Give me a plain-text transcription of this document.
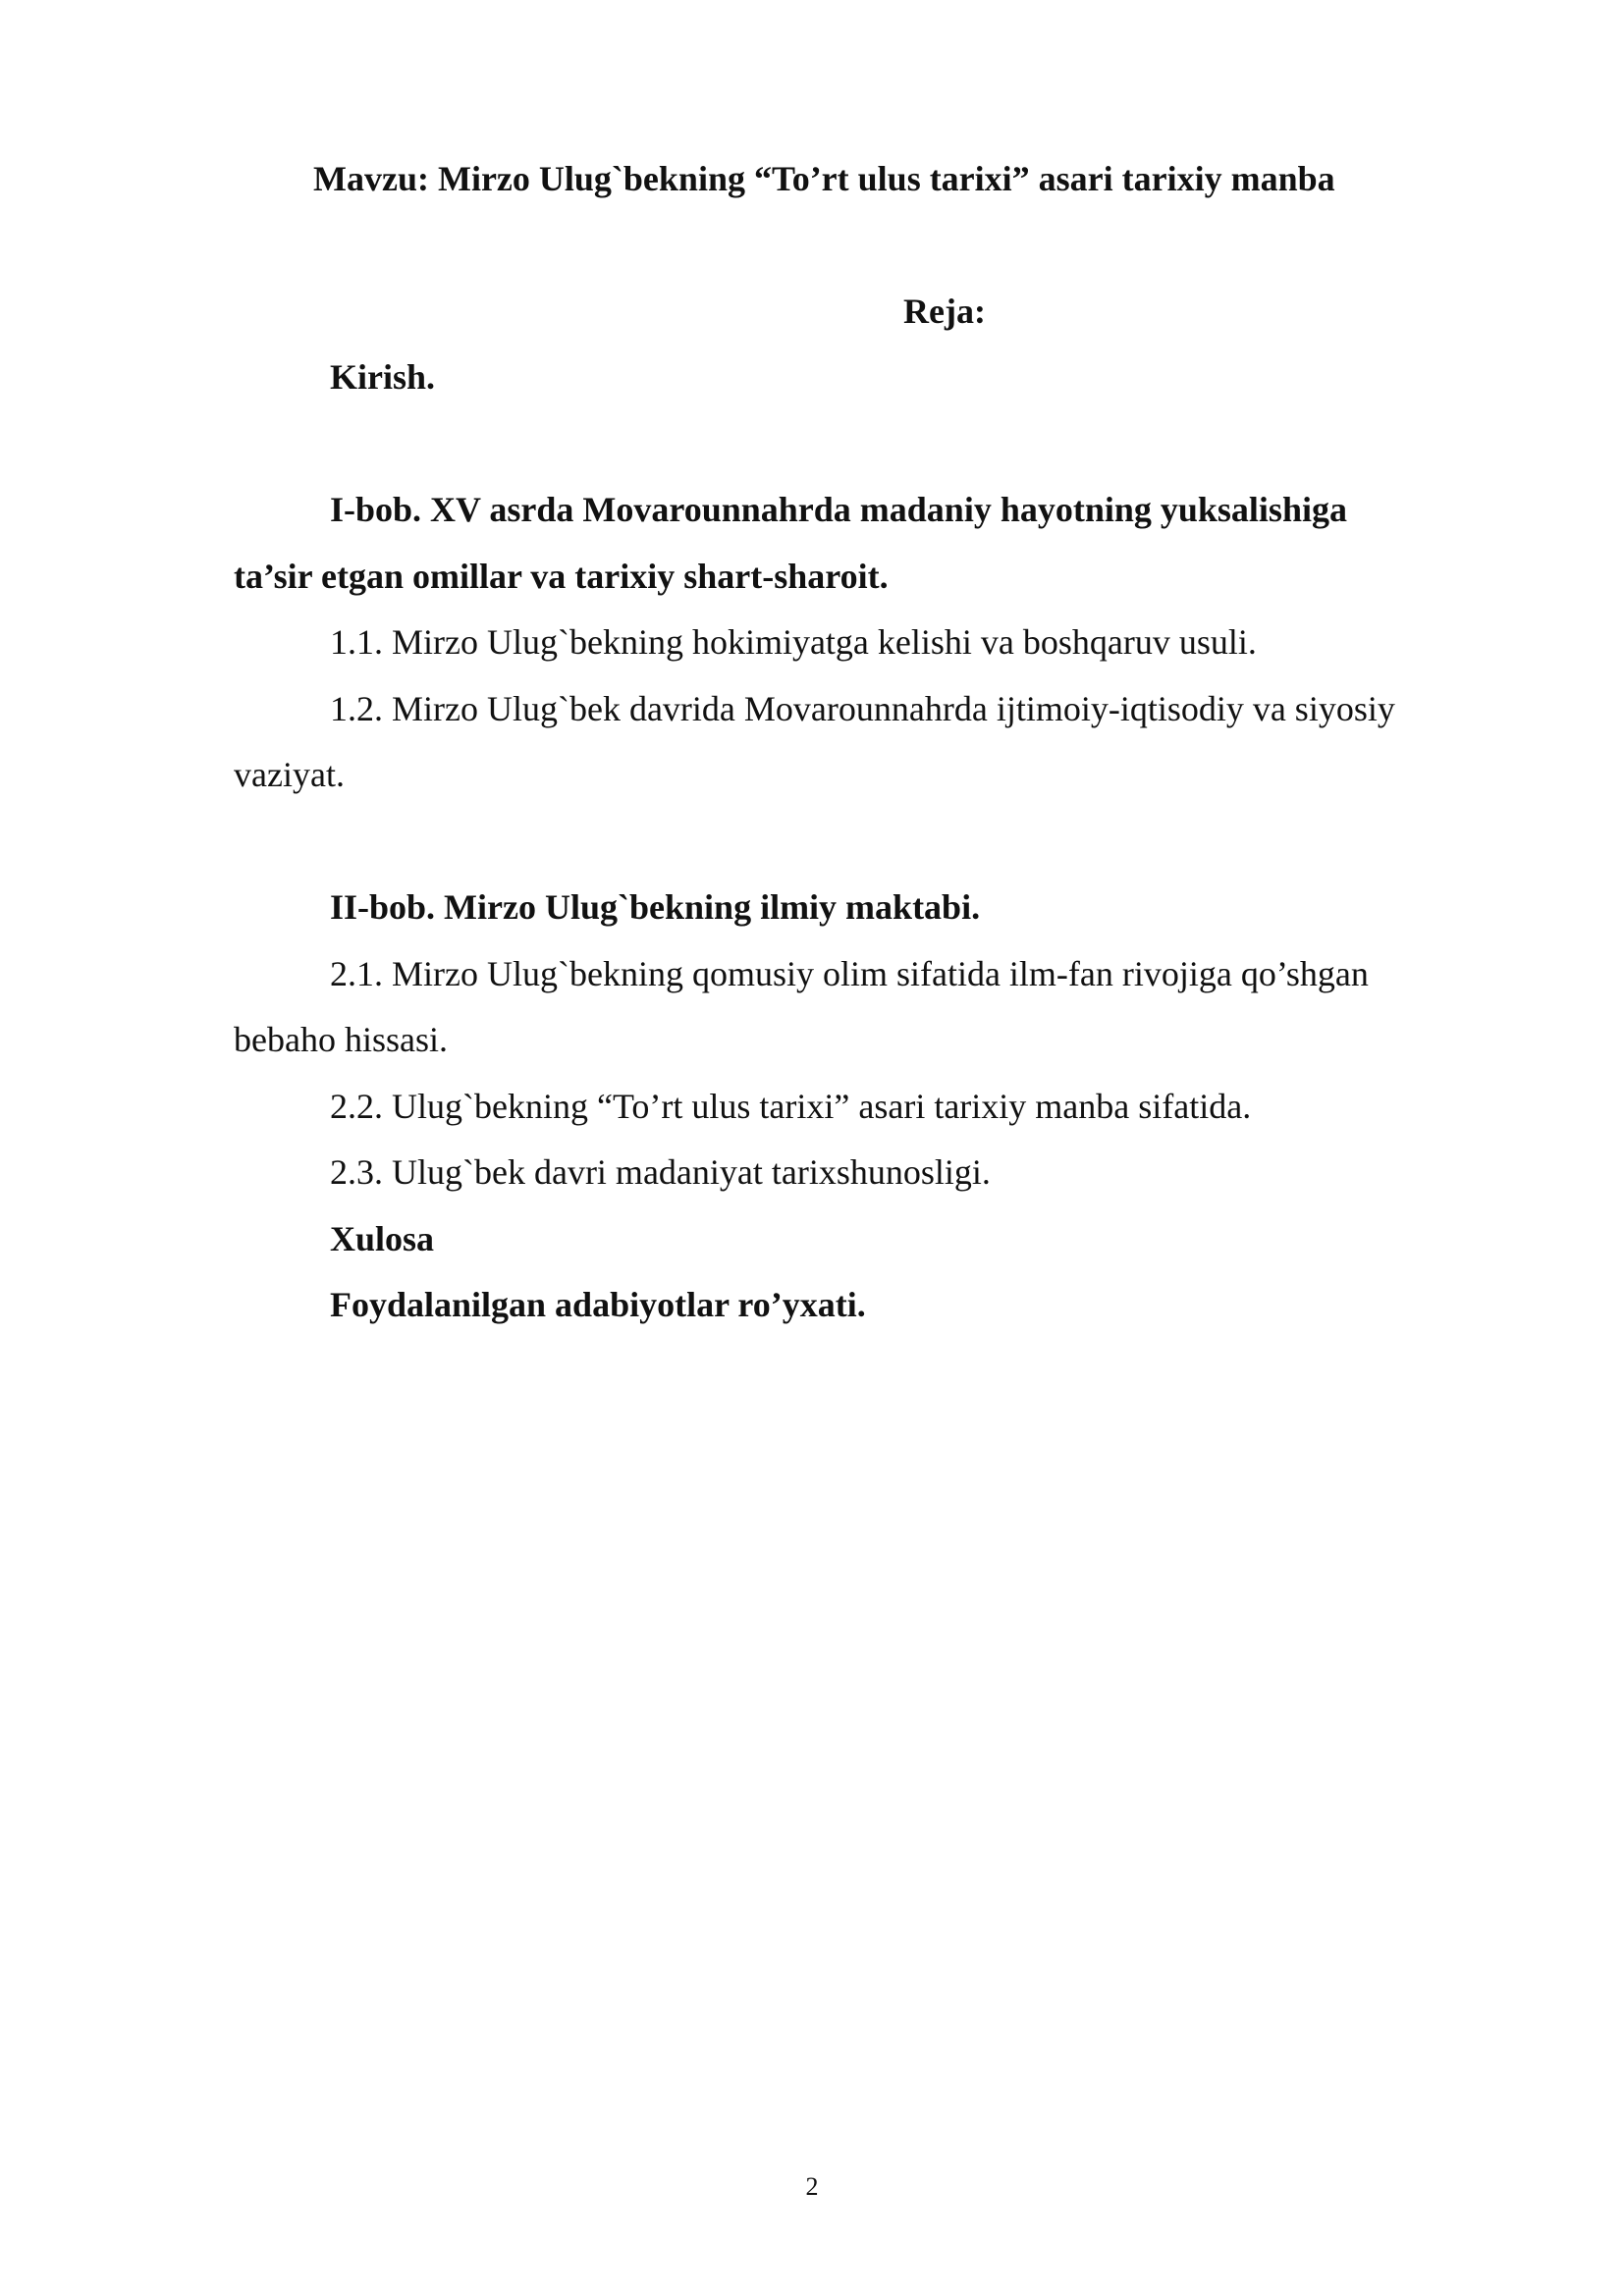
Mavzu: Mirzo Ulug`bekning “To’rt ulus tarixi” asari tarixiy manba
Reja:
Kirish.
I-bob. XV asrda Movarounnahrda madaniy hayotning yuksalishiga
ta’sir etgan omillar va tarixiy shart-sharoit.
1.1. Mirzo Ulug`bekning hokimiyatga kelishi va boshqaruv usuli.
1.2. Mirzo Ulug`bek davrida Movarounnahrda ijtimoiy-iqtisodiy va siyosiy
vaziyat.
II-bob. Mirzo Ulug`bekning ilmiy maktabi.
2.1. Mirzo Ulug`bekning qomusiy olim sifatida ilm-fan rivojiga qo’shgan
bebaho hissasi.
2.2. Ulug`bekning “To’rt ulus tarixi” asari tarixiy manba sifatida.
2.3. Ulug`bek davri madaniyat tarixshunosligi.
Xulosa
Foydalanilgan adabiyotlar ro’yxati.
2
